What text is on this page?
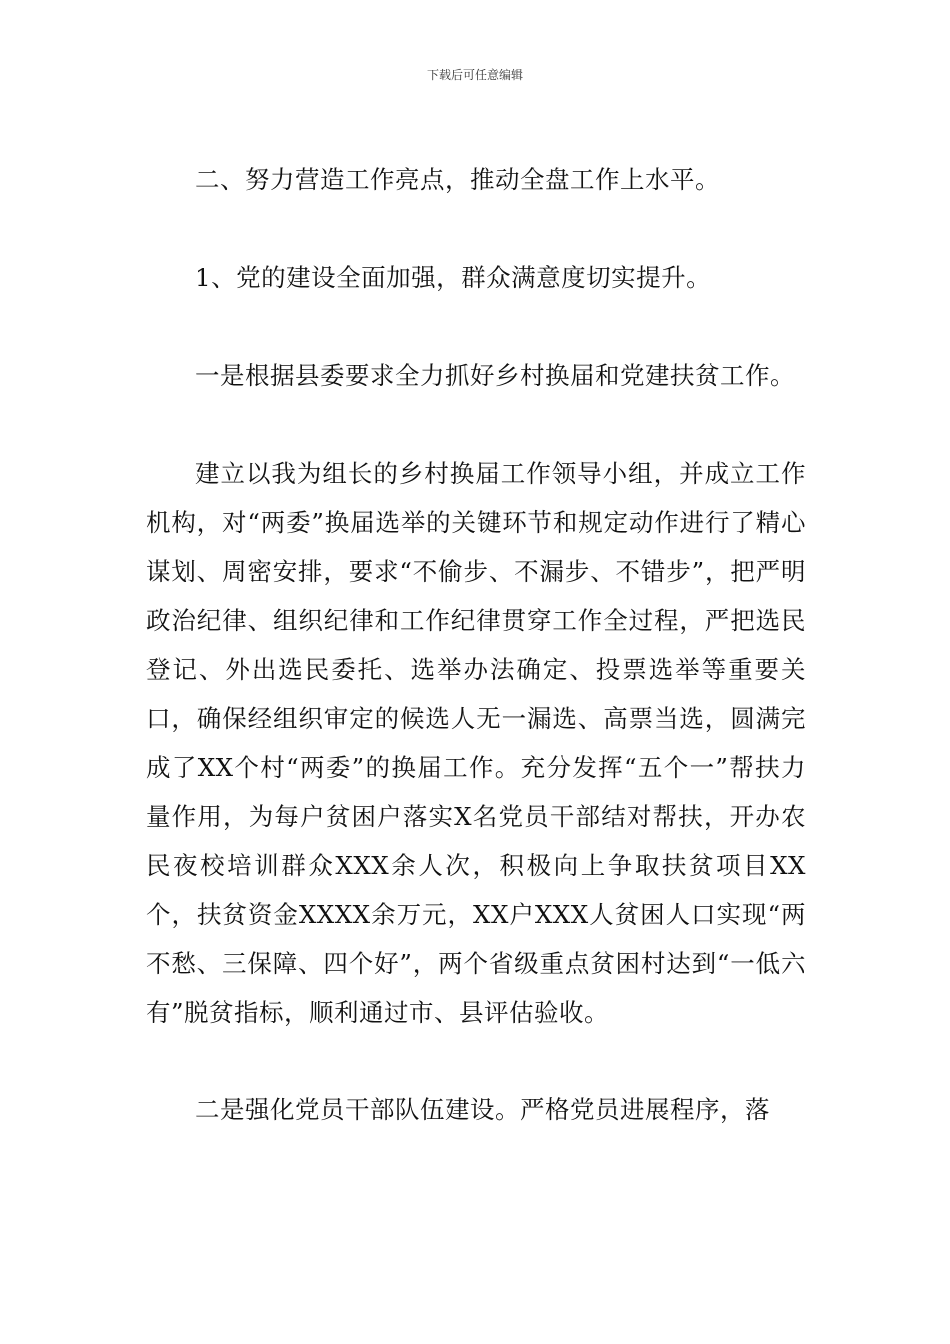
下载后可任意编辑

二、努力营造工作亮点，推动全盘工作上水平。

1、党的建设全面加强，群众满意度切实提升。

一是根据县委要求全力抓好乡村换届和党建扶贫工作。

建立以我为组长的乡村换届工作领导小组，并成立工作机构，对“两委”换届选举的关键环节和规定动作进行了精心谋划、周密安排，要求“不偷步、不漏步、不错步”，把严明政治纪律、组织纪律和工作纪律贯穿工作全过程，严把选民登记、外出选民委托、选举办法确定、投票选举等重要关口，确保经组织审定的候选人无一漏选、高票当选，圆满完成了XX个村“两委”的换届工作。充分发挥“五个一”帮扶力量作用，为每户贫困户落实X名党员干部结对帮扶，开办农民夜校培训群众XXX余人次，积极向上争取扶贫项目XX个，扶贫资金XXXX余万元，XX户XXX人贫困人口实现“两不愁、三保障、四个好”，两个省级重点贫困村达到“一低六有”脱贫指标，顺利通过市、县评估验收。

二是强化党员干部队伍建设。严格党员进展程序，落
